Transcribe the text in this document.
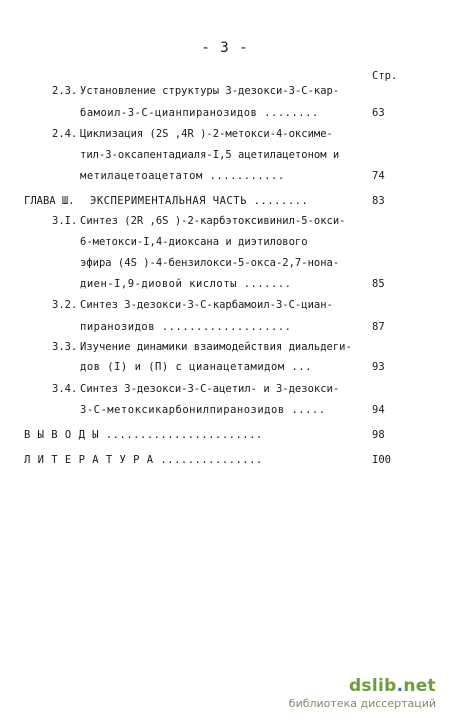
- 3 -
Стр.
2.3. Установление структуры 3-дезокси-3-С-кар-
бамоил-3-С-цианпиранозидов ........	63
2.4. Циклизация (2S ,4R )-2-метокси-4-оксиме-
тил-3-оксапентадиаля-I,5 ацетилацетоном и
метилацетоацетатом ...........	74
ГЛАВА Ш. ЭКСПЕРИМЕНТАЛЬНАЯ ЧАСТЬ ........	83
3.I. Синтез (2R ,6S )-2-карбэтоксивинил-5-окси-
6-метокси-I,4-диоксана и диэтилового
эфира (4S )-4-бензилокси-5-окса-2,7-нона-
диен-I,9-диовой кислоты .......	85
3.2. Синтез 3-дезокси-3-С-карбамоил-3-С-циан-
пиранозидов ...................	87
3.3. Изучение динамики взаимодействия диальдеги-
дов (I) и (П) с цианацетамидом ...	93
3.4. Синтез 3-дезокси-3-С-ацетил- и 3-дезокси-
3-С-метоксикарбонилпиранозидов .....	94
В Ы В О Д Ы .......................	98
Л И Т Е Р А Т У Р А ...............	I00
dslib.net
библиотека диссертаций
